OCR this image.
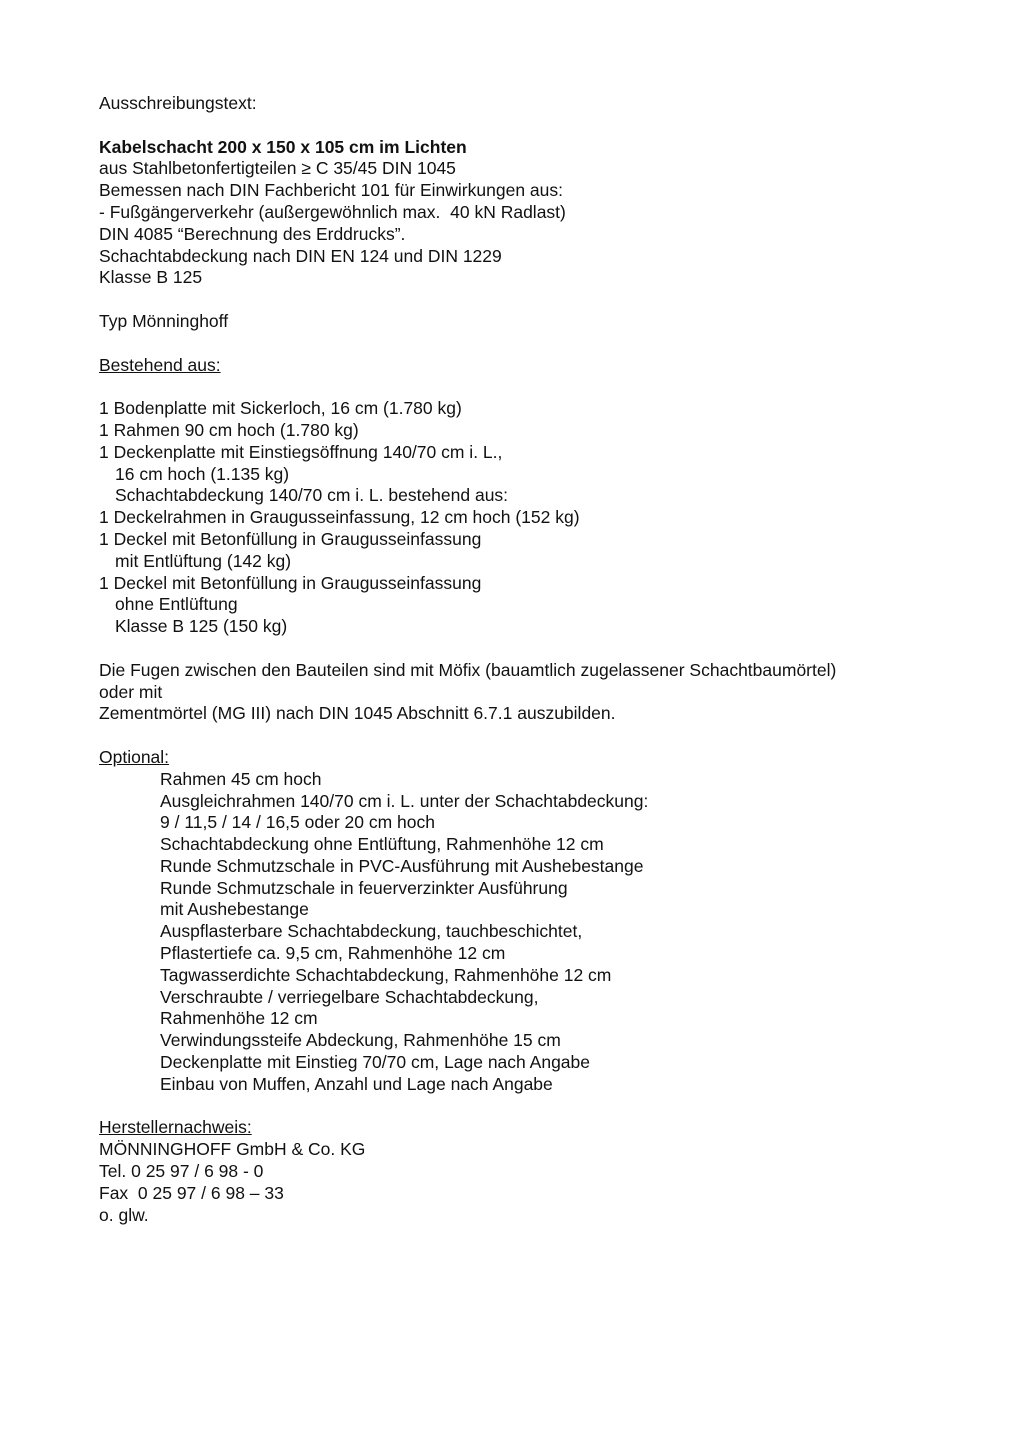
Ausschreibungstext:
Kabelschacht 200 x 150 x 105 cm im Lichten
aus Stahlbetonfertigteilen ≥ C 35/45 DIN 1045
Bemessen nach DIN Fachbericht 101 für Einwirkungen aus:
- Fußgängerverkehr (außergewöhnlich max.  40 kN Radlast)
DIN 4085 “Berechnung des Erddrucks”.
Schachtabdeckung nach DIN EN 124 und DIN 1229
Klasse B 125
Typ Mönninghoff
Bestehend aus:
1 Bodenplatte mit Sickerloch, 16 cm (1.780 kg)
1 Rahmen 90 cm hoch (1.780 kg)
1 Deckenplatte mit Einstiegsöffnung 140/70 cm i. L.,
16 cm hoch (1.135 kg)
Schachtabdeckung 140/70 cm i. L. bestehend aus:
1 Deckelrahmen in Graugusseinfassung, 12 cm hoch (152 kg)
1 Deckel mit Betonfüllung in Graugusseinfassung
mit Entlüftung (142 kg)
1 Deckel mit Betonfüllung in Graugusseinfassung
ohne Entlüftung
Klasse B 125 (150 kg)
Die Fugen zwischen den Bauteilen sind mit Möfix (bauamtlich zugelassener Schachtbaumörtel)
oder mit
Zementmörtel (MG III) nach DIN 1045 Abschnitt 6.7.1 auszubilden.
Optional:
Rahmen 45 cm hoch
Ausgleichrahmen 140/70 cm i. L. unter der Schachtabdeckung:
9 / 11,5 / 14 / 16,5 oder 20 cm hoch
Schachtabdeckung ohne Entlüftung, Rahmenhöhe 12 cm
Runde Schmutzschale in PVC-Ausführung mit Aushebestange
Runde Schmutzschale in feuerverzinkter Ausführung
mit Aushebestange
Auspflasterbare Schachtabdeckung, tauchbeschichtet,
Pflastertiefe ca. 9,5 cm, Rahmenhöhe 12 cm
Tagwasserdichte Schachtabdeckung, Rahmenhöhe 12 cm
Verschraubte / verriegelbare Schachtabdeckung,
Rahmenhöhe 12 cm
Verwindungssteife Abdeckung, Rahmenhöhe 15 cm
Deckenplatte mit Einstieg 70/70 cm, Lage nach Angabe
Einbau von Muffen, Anzahl und Lage nach Angabe
Herstellernachweis:
MÖNNINGHOFF GmbH & Co. KG
Tel. 0 25 97 / 6 98 - 0
Fax  0 25 97 / 6 98 – 33
o. glw.
